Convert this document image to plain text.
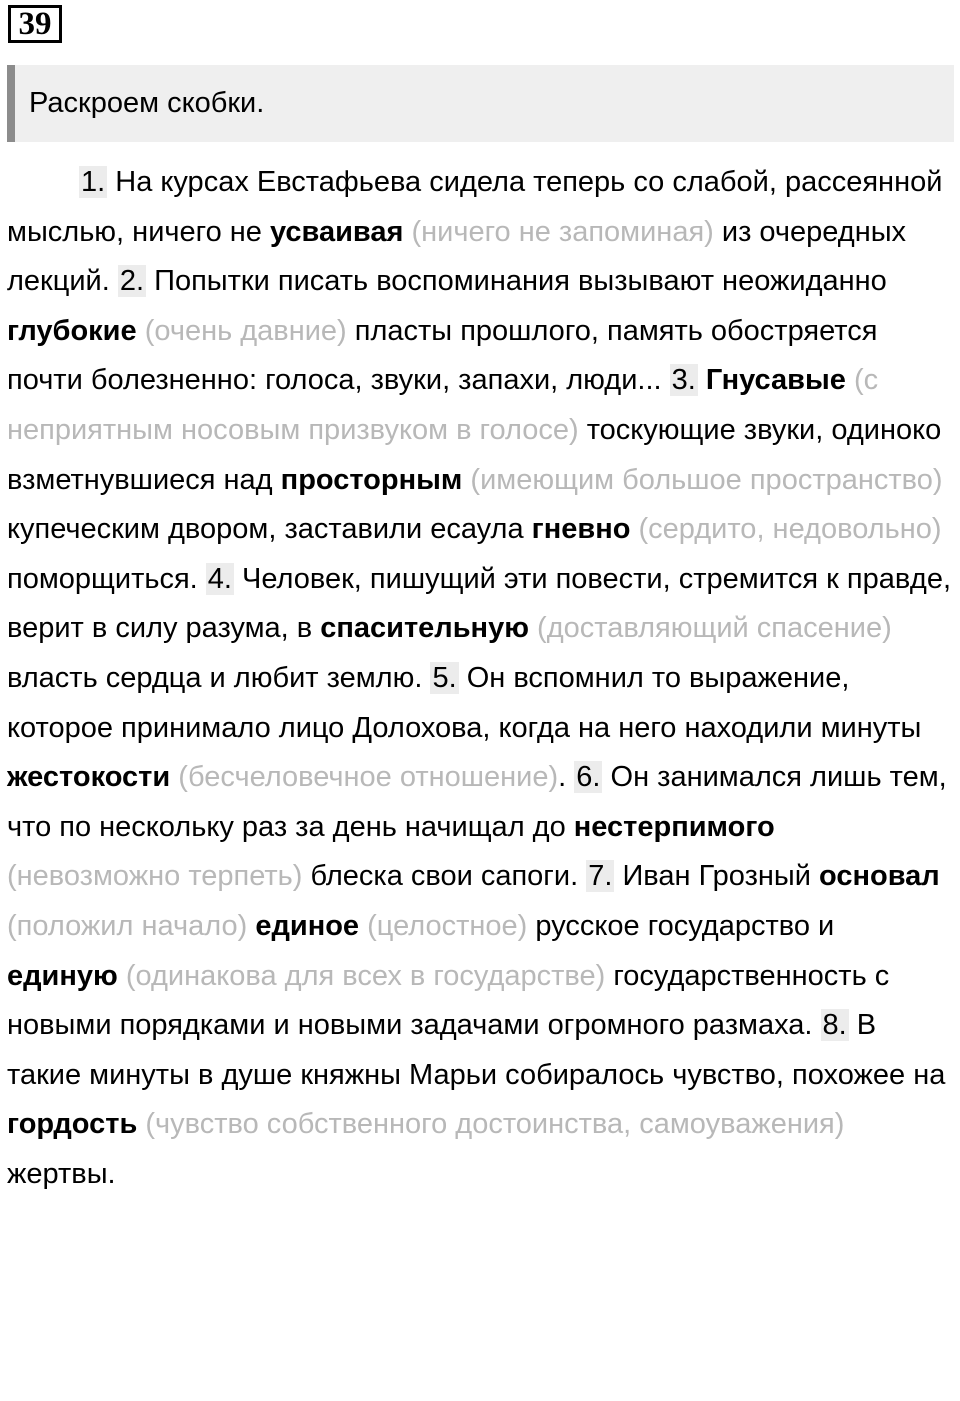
39
Раскроем скобки.

1. На курсах Евстафьева сидела теперь со слабой, рассеянной мыслью, ничего не усваивая (ничего не запоминая) из очередных лекций. 2. Попытки писать воспоминания вызывают неожиданно глубокие (очень давние) пласты прошлого, память обостряется почти болезненно: голоса, звуки, запахи, люди... 3. Гнусавые (с неприятным носовым призвуком в голосе) тоскующие звуки, одиноко взметнувшиеся над просторным (имеющим большое пространство) купеческим двором, заставили есаула гневно (сердито, недовольно) поморщиться. 4. Человек, пишущий эти повести, стремится к правде, верит в силу разума, в спасительную (доставляющий спасение) власть сердца и любит землю. 5. Он вспомнил то выражение, которое принимало лицо Долохова, когда на него находили минуты жестокости (бесчеловечное отношение). 6. Он занимался лишь тем, что по нескольку раз за день начищал до нестерпимого (невозможно терпеть) блеска свои сапоги. 7. Иван Грозный основал (положил начало) единое (целостное) русское государство и единую (одинакова для всех в государстве) государственность с новыми порядками и новыми задачами огромного размаха. 8. В такие минуты в душе княжны Марьи собиралось чувство, похожее на гордость (чувство собственного достоинства, самоуважения) жертвы.
